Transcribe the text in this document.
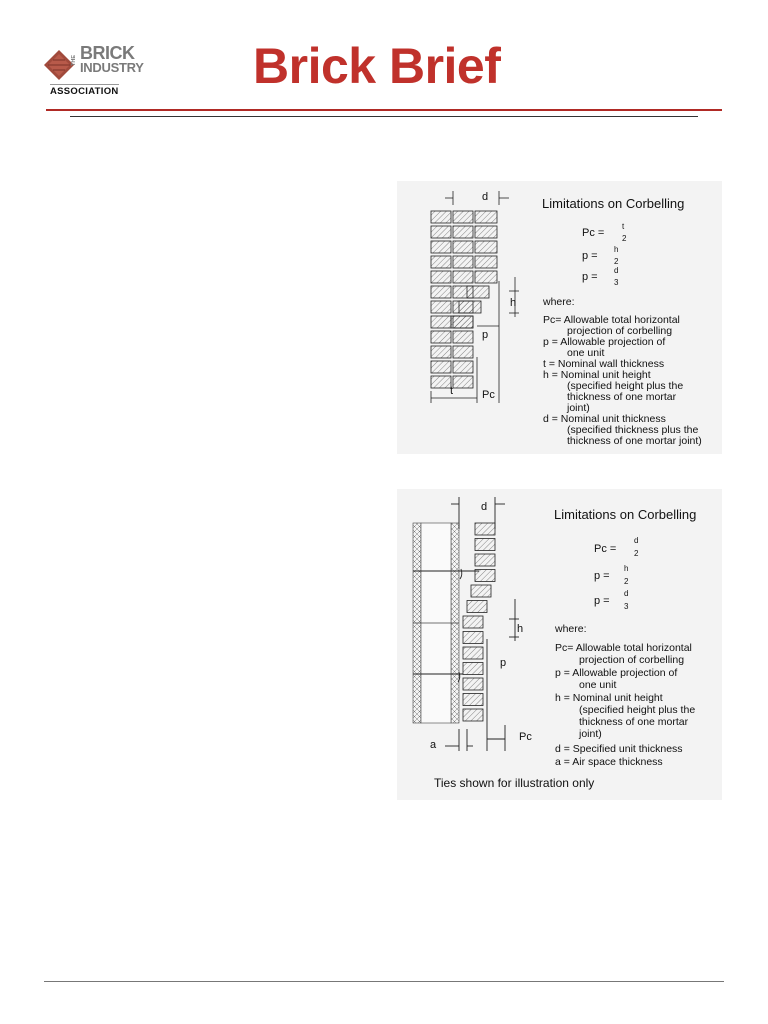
THE BRICK
INDUSTRY
ASSOCIATION	Brick Brief
d
h
p
t	Pc
Limitations on Corbelling
Pc =
t
2
p =
h
2
p =
d
3
where:
Pc= Allowable total horizontal
projection of corbelling
p = Allowable projection of
one unit
t = Nominal wall thickness
h = Nominal unit height
(specified height plus the
thickness of one mortar
joint)
d = Nominal unit thickness
(specified thickness plus the
thickness of one mortar joint)
d
h
p
a
Pc
Limitations on Corbelling
Pc =
d
2
p =
h
2
p =
d
3
where:
Pc= Allowable total horizontal
projection of corbelling
p = Allowable projection of
one unit
h = Nominal unit height
(specified height plus the
thickness of one mortar
joint)
d = Specified unit thickness
a = Air space thickness
Ties shown for illustration only
